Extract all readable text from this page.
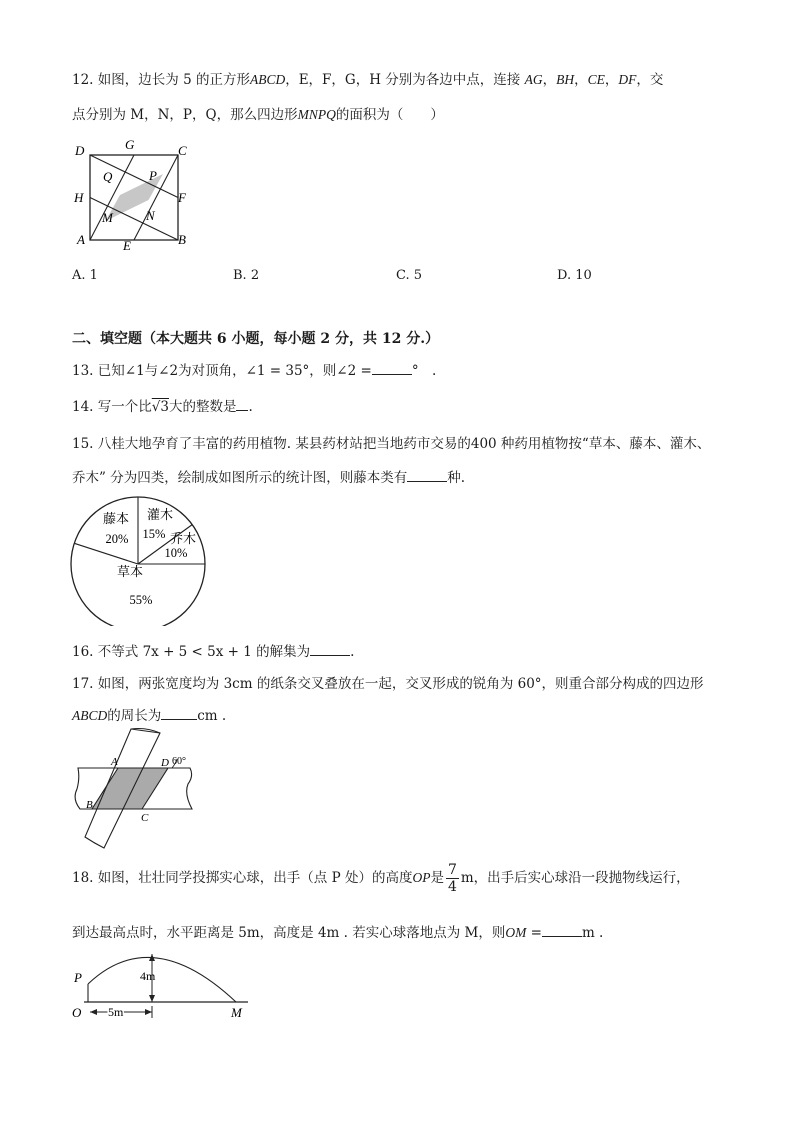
12. 如图，边长为 5 的正方形ABCD，E，F，G，H 分别为各边中点，连接 AG，BH，CE，DF，交
点分别为 M，N，P，Q，那么四边形MNPQ的面积为（　　）
D	G	C
Q	P
H	F
M	N
A	E	B
A. 1	B. 2	C. 5	D. 10
二、填空题（本大题共 6 小题，每小题 2 分，共 12 分.）
13. 已知∠1与∠2为对顶角，∠1 = 35°，则∠2 =	°　.
14. 写一个比√3大的整数是 .
15. 八桂大地孕育了丰富的药用植物. 某县药材站把当地药市交易的400 种药用植物按“草本、藤本、灌木、
乔木” 分为四类，绘制成如图所示的统计图，则藤本类有	种.
草本
55%
藤本
20%
灌木
15% 乔木
10%
16. 不等式 7x + 5 < 5x + 1 的解集为	.
17. 如图，两张宽度均为 3cm 的纸条交叉叠放在一起，交叉形成的锐角为 60°，则重合部分构成的四边形
ABCD的周长为	cm .
A	D 60°
B
C
18. 如图，壮壮同学投掷实心球，出手（点 P 处）的高度OP是 $\frac{7}{4}$ m，出手后实心球沿一段抛物线运行，
到达最高点时，水平距离是 5m，高度是 4m . 若实心球落地点为 M，则OM =	m .
P
O	M
4m
5m
